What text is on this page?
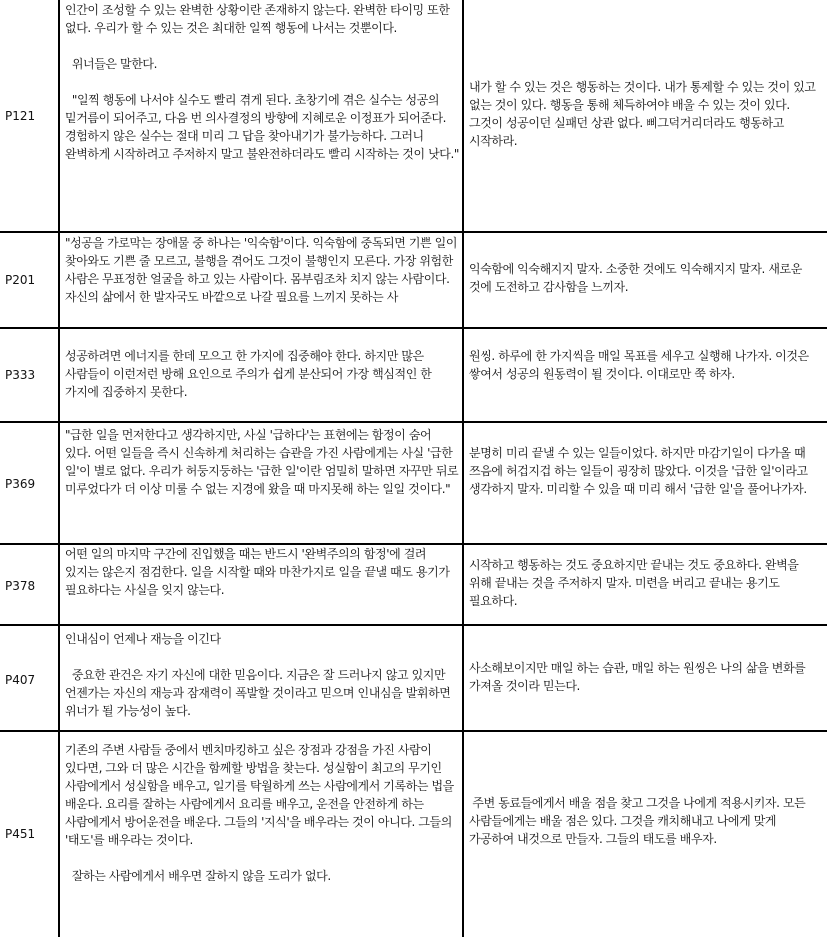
P121
인간이 조성할 수 있는 완벽한 상황이란 존재하지 않는다. 완벽한 타이밍 또한 없다. 우리가 할 수 있는 것은 최대한 일찍 행동에 나서는 것뿐이다.

위너들은 말한다.

"일찍 행동에 나서야 실수도 빨리 겪게 된다. 초창기에 겪은 실수는 성공의 밑거름이 되어주고, 다음 번 의사결정의 방향에 지혜로운 이정표가 되어준다. 경험하지 않은 실수는 절대 미리 그 답을 찾아내기가 불가능하다. 그러니 완벽하게 시작하려고 주저하지 말고 불완전하더라도 빨리 시작하는 것이 낫다."
내가 할 수 있는 것은 행동하는 것이다. 내가 통제할 수 있는 것이 있고 없는 것이 있다. 행동을 통해 체득하여야 배울 수 있는 것이 있다. 그것이 성공이던 실패던 상관 없다. 삐그덕거리더라도 행동하고 시작하라.
P201
"성공을 가로막는 장애물 중 하나는 '익숙함'이다. 익숙함에 중독되면 기쁜 일이 찾아와도 기쁜 줄 모르고, 불행을 겪어도 그것이 불행인지 모른다. 가장 위험한 사람은 무표정한 얼굴을 하고 있는 사람이다. 몸부림조차 치지 않는 사람이다. 자신의 삶에서 한 발자국도 바깥으로 나갈 필요를 느끼지 못하는 사
익숙함에 익숙해지지 말자. 소중한 것에도 익숙해지지 말자. 새로운 것에 도전하고 감사함을 느끼자.
P333
성공하려면 에너지를 한데 모으고 한 가지에 집중해야 한다. 하지만 많은 사람들이 이런저런 방해 요인으로 주의가 쉽게 분산되어 가장 핵심적인 한 가지에 집중하지 못한다.
원씽. 하루에 한 가지씩을 매일 목표를 세우고 실행해 나가자. 이것은 쌓여서 성공의 원동력이 될 것이다. 이대로만 쭉 하자.
P369
"급한 일을 먼저한다고 생각하지만, 사실 '급하다'는 표현에는 함정이 숨어 있다. 어떤 일들을 즉시 신속하게 처리하는 습관을 가진 사람에게는 사실 '급한 일'이 별로 없다. 우리가 허둥지둥하는 '급한 일'이란 엄밀히 말하면 자꾸만 뒤로 미루었다가 더 이상 미룰 수 없는 지경에 왔을 때 마지못해 하는 일일 것이다."
분명히 미리 끝낼 수 있는 일들이었다. 하지만 마감기일이 다가올 때 쯔음에 허겁지겁 하는 일들이 굉장히 많았다. 이것을 '급한 일'이라고 생각하지 말자. 미리할 수 있을 때 미리 해서 '급한 일'을 풀어나가자.
P378
어떤 일의 마지막 구간에 진입했을 때는 반드시 '완벽주의의 함정'에 걸려 있지는 않은지 점검한다. 일을 시작할 때와 마찬가지로 일을 끝낼 때도 용기가 필요하다는 사실을 잊지 않는다.
시작하고 행동하는 것도 중요하지만 끝내는 것도 중요하다. 완벽을 위해 끝내는 것을 주저하지 말자. 미련을 버리고 끝내는 용기도 필요하다.
P407
인내심이 언제나 재능을 이긴다

중요한 관건은 자기 자신에 대한 믿음이다. 지금은 잘 드러나지 않고 있지만 언젠가는 자신의 재능과 잠재력이 폭발할 것이라고 믿으며 인내심을 발휘하면 위너가 될 가능성이 높다.
사소해보이지만 매일 하는 습관, 매일 하는 원씽은 나의 삶을 변화를 가져올 것이라 믿는다.
P451
기존의 주변 사람들 중에서 벤치마킹하고 싶은 장점과 강점을 가진 사람이 있다면, 그와 더 많은 시간을 함께할 방법을 찾는다. 성실함이 최고의 무기인 사람에게서 성실함을 배우고, 일기를 탁월하게 쓰는 사람에게서 기록하는 법을 배운다. 요리를 잘하는 사람에게서 요리를 배우고, 운전을 안전하게 하는 사람에게서 방어운전을 배운다. 그들의 '지식'을 배우라는 것이 아니다. 그들의 '태도'를 배우라는 것이다.

잘하는 사람에게서 배우면 잘하지 않을 도리가 없다.
주변 동료들에게서 배울 점을 찾고 그것을 나에게 적용시키자. 모든 사람들에게는 배울 점은 있다. 그것을 캐치해내고 나에게 맞게 가공하여 내것으로 만들자. 그들의 태도를 배우자.
